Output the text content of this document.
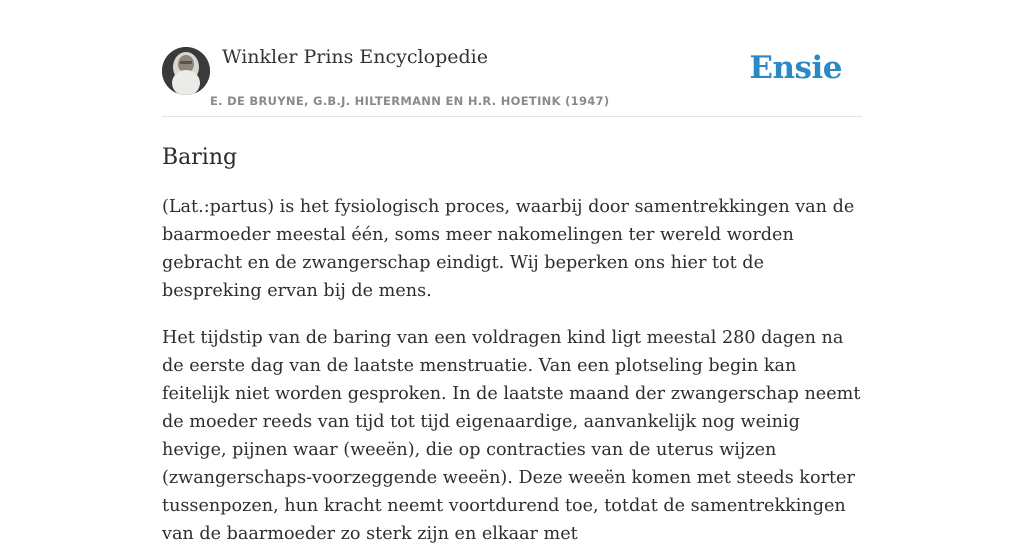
Winkler Prins Encyclopedie
E. DE BRUYNE, G.B.J. HILTERMANN EN H.R. HOETINK (1947)
Ensie
Baring

(Lat.:partus) is het fysiologisch proces, waarbij door samentrekkingen van de baarmoeder meestal één, soms meer nakomelingen ter wereld worden gebracht en de zwangerschap eindigt. Wij beperken ons hier tot de bespreking ervan bij de mens.

Het tijdstip van de baring van een voldragen kind ligt meestal 280 dagen na de eerste dag van de laatste menstruatie. Van een plotseling begin kan feitelijk niet worden gesproken. In de laatste maand der zwangerschap neemt de moeder reeds van tijd tot tijd eigenaardige, aanvankelijk nog weinig hevige, pijnen waar (weeën), die op contracties van de uterus wijzen (zwangerschaps-voorzeggende weeën). Deze weeën komen met steeds korter tussenpozen, hun kracht neemt voortdurend toe, totdat de samentrekkingen van de baarmoeder zo sterk zijn en elkaar met
